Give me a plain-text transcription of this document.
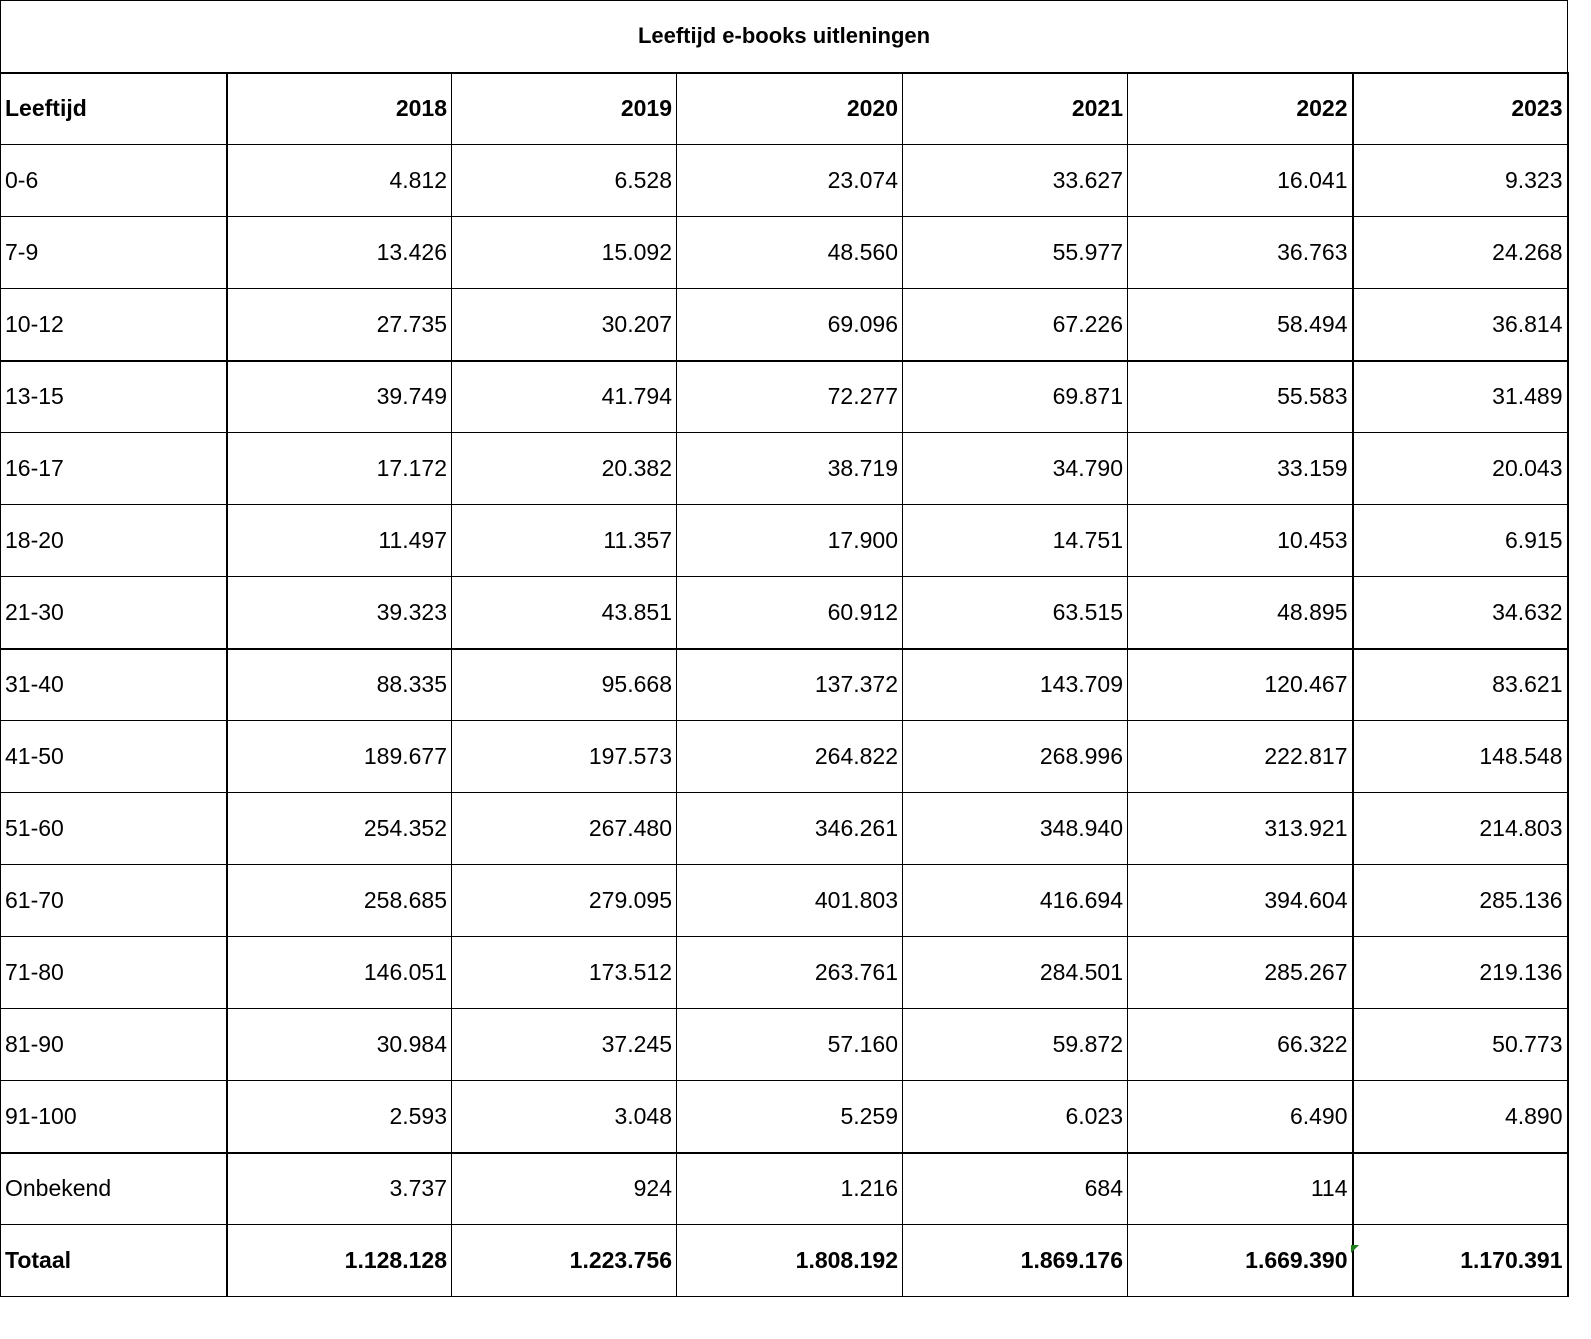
Leeftijd e-books uitleningen						
Leeftijd	2018	2019	2020	2021	2022	2023
0-6	4.812	6.528	23.074	33.627	16.041	9.323
7-9	13.426	15.092	48.560	55.977	36.763	24.268
10-12	27.735	30.207	69.096	67.226	58.494	36.814
13-15	39.749	41.794	72.277	69.871	55.583	31.489
16-17	17.172	20.382	38.719	34.790	33.159	20.043
18-20	11.497	11.357	17.900	14.751	10.453	6.915
21-30	39.323	43.851	60.912	63.515	48.895	34.632
31-40	88.335	95.668	137.372	143.709	120.467	83.621
41-50	189.677	197.573	264.822	268.996	222.817	148.548
51-60	254.352	267.480	346.261	348.940	313.921	214.803
61-70	258.685	279.095	401.803	416.694	394.604	285.136
71-80	146.051	173.512	263.761	284.501	285.267	219.136
81-90	30.984	37.245	57.160	59.872	66.322	50.773
91-100	2.593	3.048	5.259	6.023	6.490	4.890
Onbekend	3.737	924	1.216	684	114	
Totaal	1.128.128	1.223.756	1.808.192	1.869.176	1.669.390	1.170.391
